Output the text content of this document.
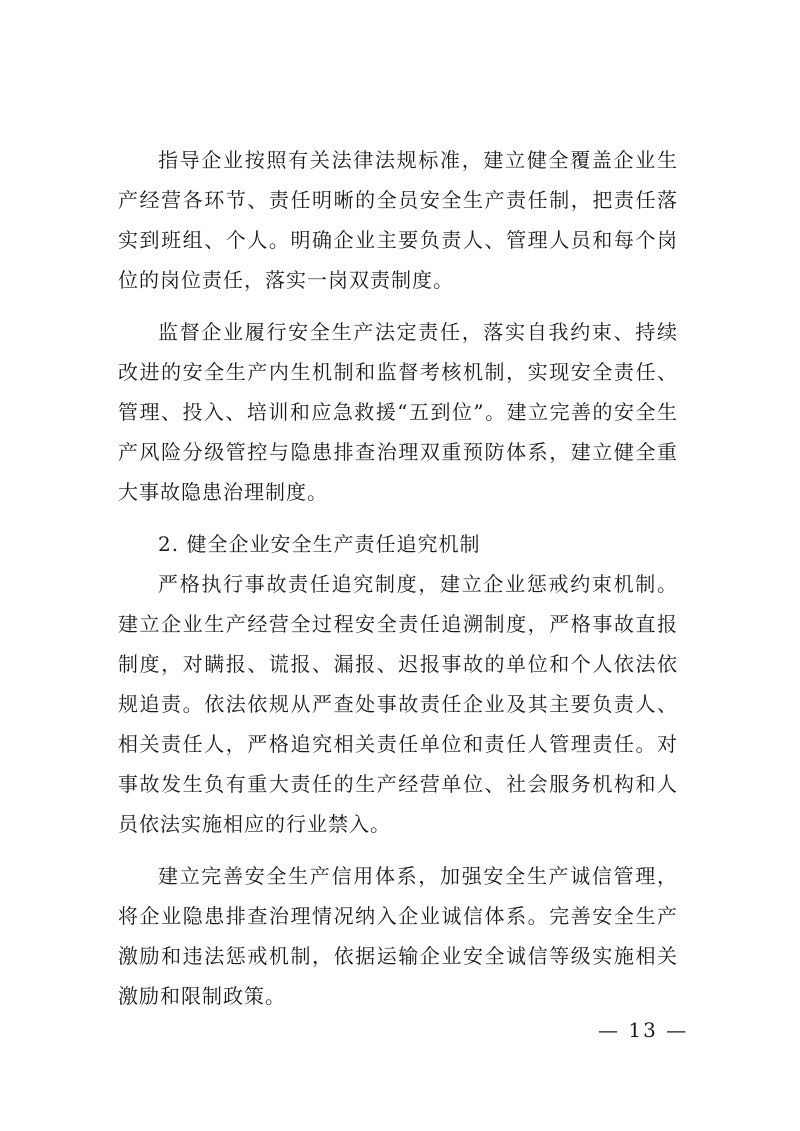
指导企业按照有关法律法规标准，建立健全覆盖企业生产经营各环节、责任明晰的全员安全生产责任制，把责任落实到班组、个人。明确企业主要负责人、管理人员和每个岗位的岗位责任，落实一岗双责制度。

监督企业履行安全生产法定责任，落实自我约束、持续改进的安全生产内生机制和监督考核机制，实现安全责任、管理、投入、培训和应急救援“五到位”。建立完善的安全生产风险分级管控与隐患排查治理双重预防体系，建立健全重大事故隐患治理制度。

2. 健全企业安全生产责任追究机制

严格执行事故责任追究制度，建立企业惩戒约束机制。建立企业生产经营全过程安全责任追溯制度，严格事故直报制度，对瞒报、谎报、漏报、迟报事故的单位和个人依法依规追责。依法依规从严查处事故责任企业及其主要负责人、相关责任人，严格追究相关责任单位和责任人管理责任。对事故发生负有重大责任的生产经营单位、社会服务机构和人员依法实施相应的行业禁入。

建立完善安全生产信用体系，加强安全生产诚信管理，将企业隐患排查治理情况纳入企业诚信体系。完善安全生产激励和违法惩戒机制，依据运输企业安全诚信等级实施相关激励和限制政策。

— 13 —
